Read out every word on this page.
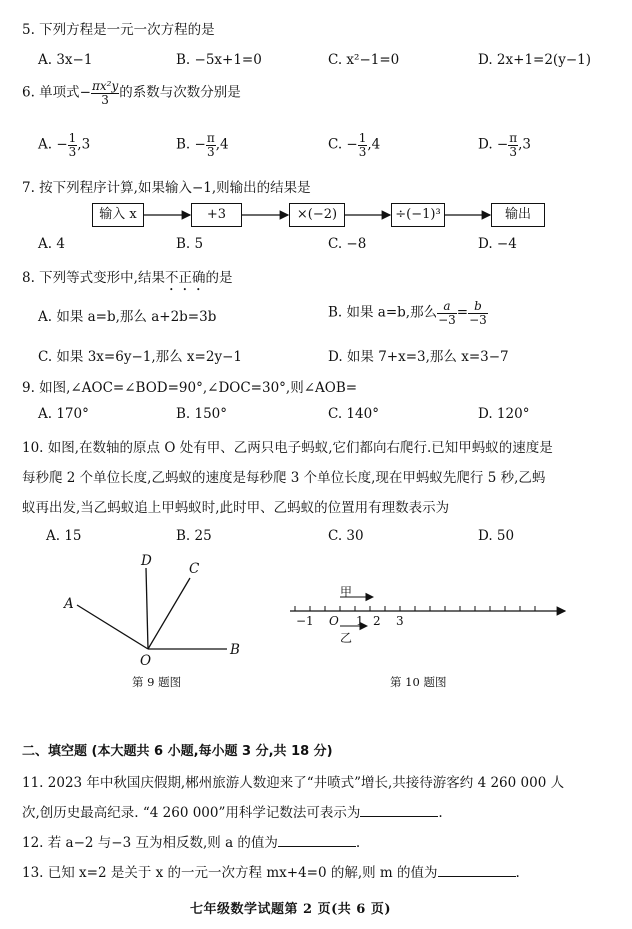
5. 下列方程是一元一次方程的是
A. 3x−1	B. −5x+1=0	C. x²−1=0	D. 2x+1=2(y−1)
6. 单项式− $\frac{\text{πx²y}}{3}$ 的系数与次数分别是
A. − $\frac{1}{3} ,3$	B. − $\frac{\pi}{3} ,4$	C. − $\frac{1}{3} ,4$	D. − $\frac{\pi}{3} ,3$
7. 按下列程序计算,如果输入−1,则输出的结果是
输入 x	+3	×(−2)	÷(−1)³	输出
A. 4	B. 5	C. −8	D. −4
8. 下列等式变形中,结果不正确的是
A. 如果 a=b,那么 a+2b=3b	B. 如果 a=b,那么 $\frac{a}{-3} = \frac{b}{-3}$
C. 如果 3x=6y−1,那么 x=2y−1	D. 如果 7+x=3,那么 x=3−7
9. 如图,∠AOC=∠BOD=90°,∠DOC=30°,则∠AOB=
A. 170°	B. 150°	C. 140°	D. 120°
10. 如图,在数轴的原点 O 处有甲、乙两只电子蚂蚁,它们都向右爬行.已知甲蚂蚁的速度是
每秒爬 2 个单位长度,乙蚂蚁的速度是每秒爬 3 个单位长度,现在甲蚂蚁先爬行 5 秒,乙蚂
蚁再出发,当乙蚂蚁追上甲蚂蚁时,此时甲、乙蚂蚁的位置用有理数表示为
A. 15	B. 25	C. 30	D. 50
A
D	C
B
O
第 9 题图
甲
−1 O 1 2 3
乙
第 10 题图
二、填空题 (本大题共 6 小题,每小题 3 分,共 18 分)
11. 2023 年中秋国庆假期,郴州旅游人数迎来了“井喷式”增长,共接待游客约 4 260 000 人
次,创历史最高纪录. “4 260 000”用科学记数法可表示为	.
12. 若 a−2 与−3 互为相反数,则 a 的值为	.
13. 已知 x=2 是关于 x 的一元一次方程 mx+4=0 的解,则 m 的值为	.
七年级数学试题第 2 页(共 6 页)
